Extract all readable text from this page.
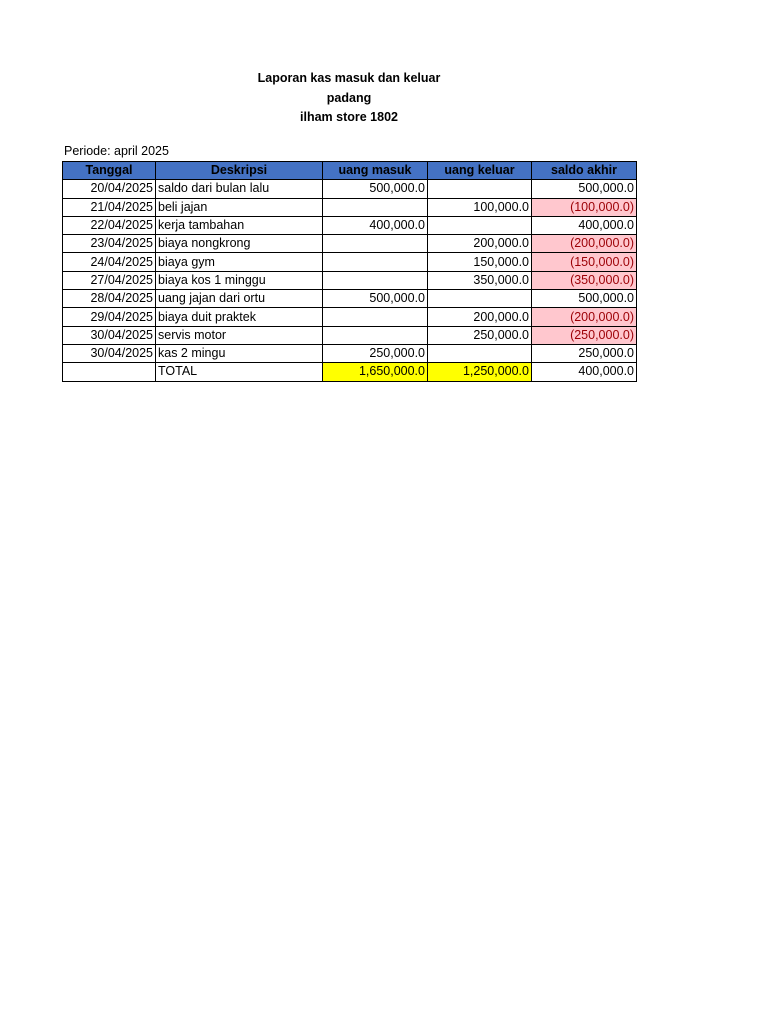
Laporan kas masuk dan keluar
padang
ilham store 1802
Periode: april 2025
Tanggal	Deskripsi	uang masuk	uang keluar	saldo akhir
20/04/2025	saldo dari bulan lalu	500,000.0		500,000.0
21/04/2025	beli jajan		100,000.0	(100,000.0)
22/04/2025	kerja tambahan	400,000.0		400,000.0
23/04/2025	biaya nongkrong		200,000.0	(200,000.0)
24/04/2025	biaya gym		150,000.0	(150,000.0)
27/04/2025	biaya kos 1 minggu		350,000.0	(350,000.0)
28/04/2025	uang jajan dari ortu	500,000.0		500,000.0
29/04/2025	biaya duit praktek		200,000.0	(200,000.0)
30/04/2025	servis motor		250,000.0	(250,000.0)
30/04/2025	kas 2 mingu	250,000.0		250,000.0
	TOTAL	1,650,000.0	1,250,000.0	400,000.0
